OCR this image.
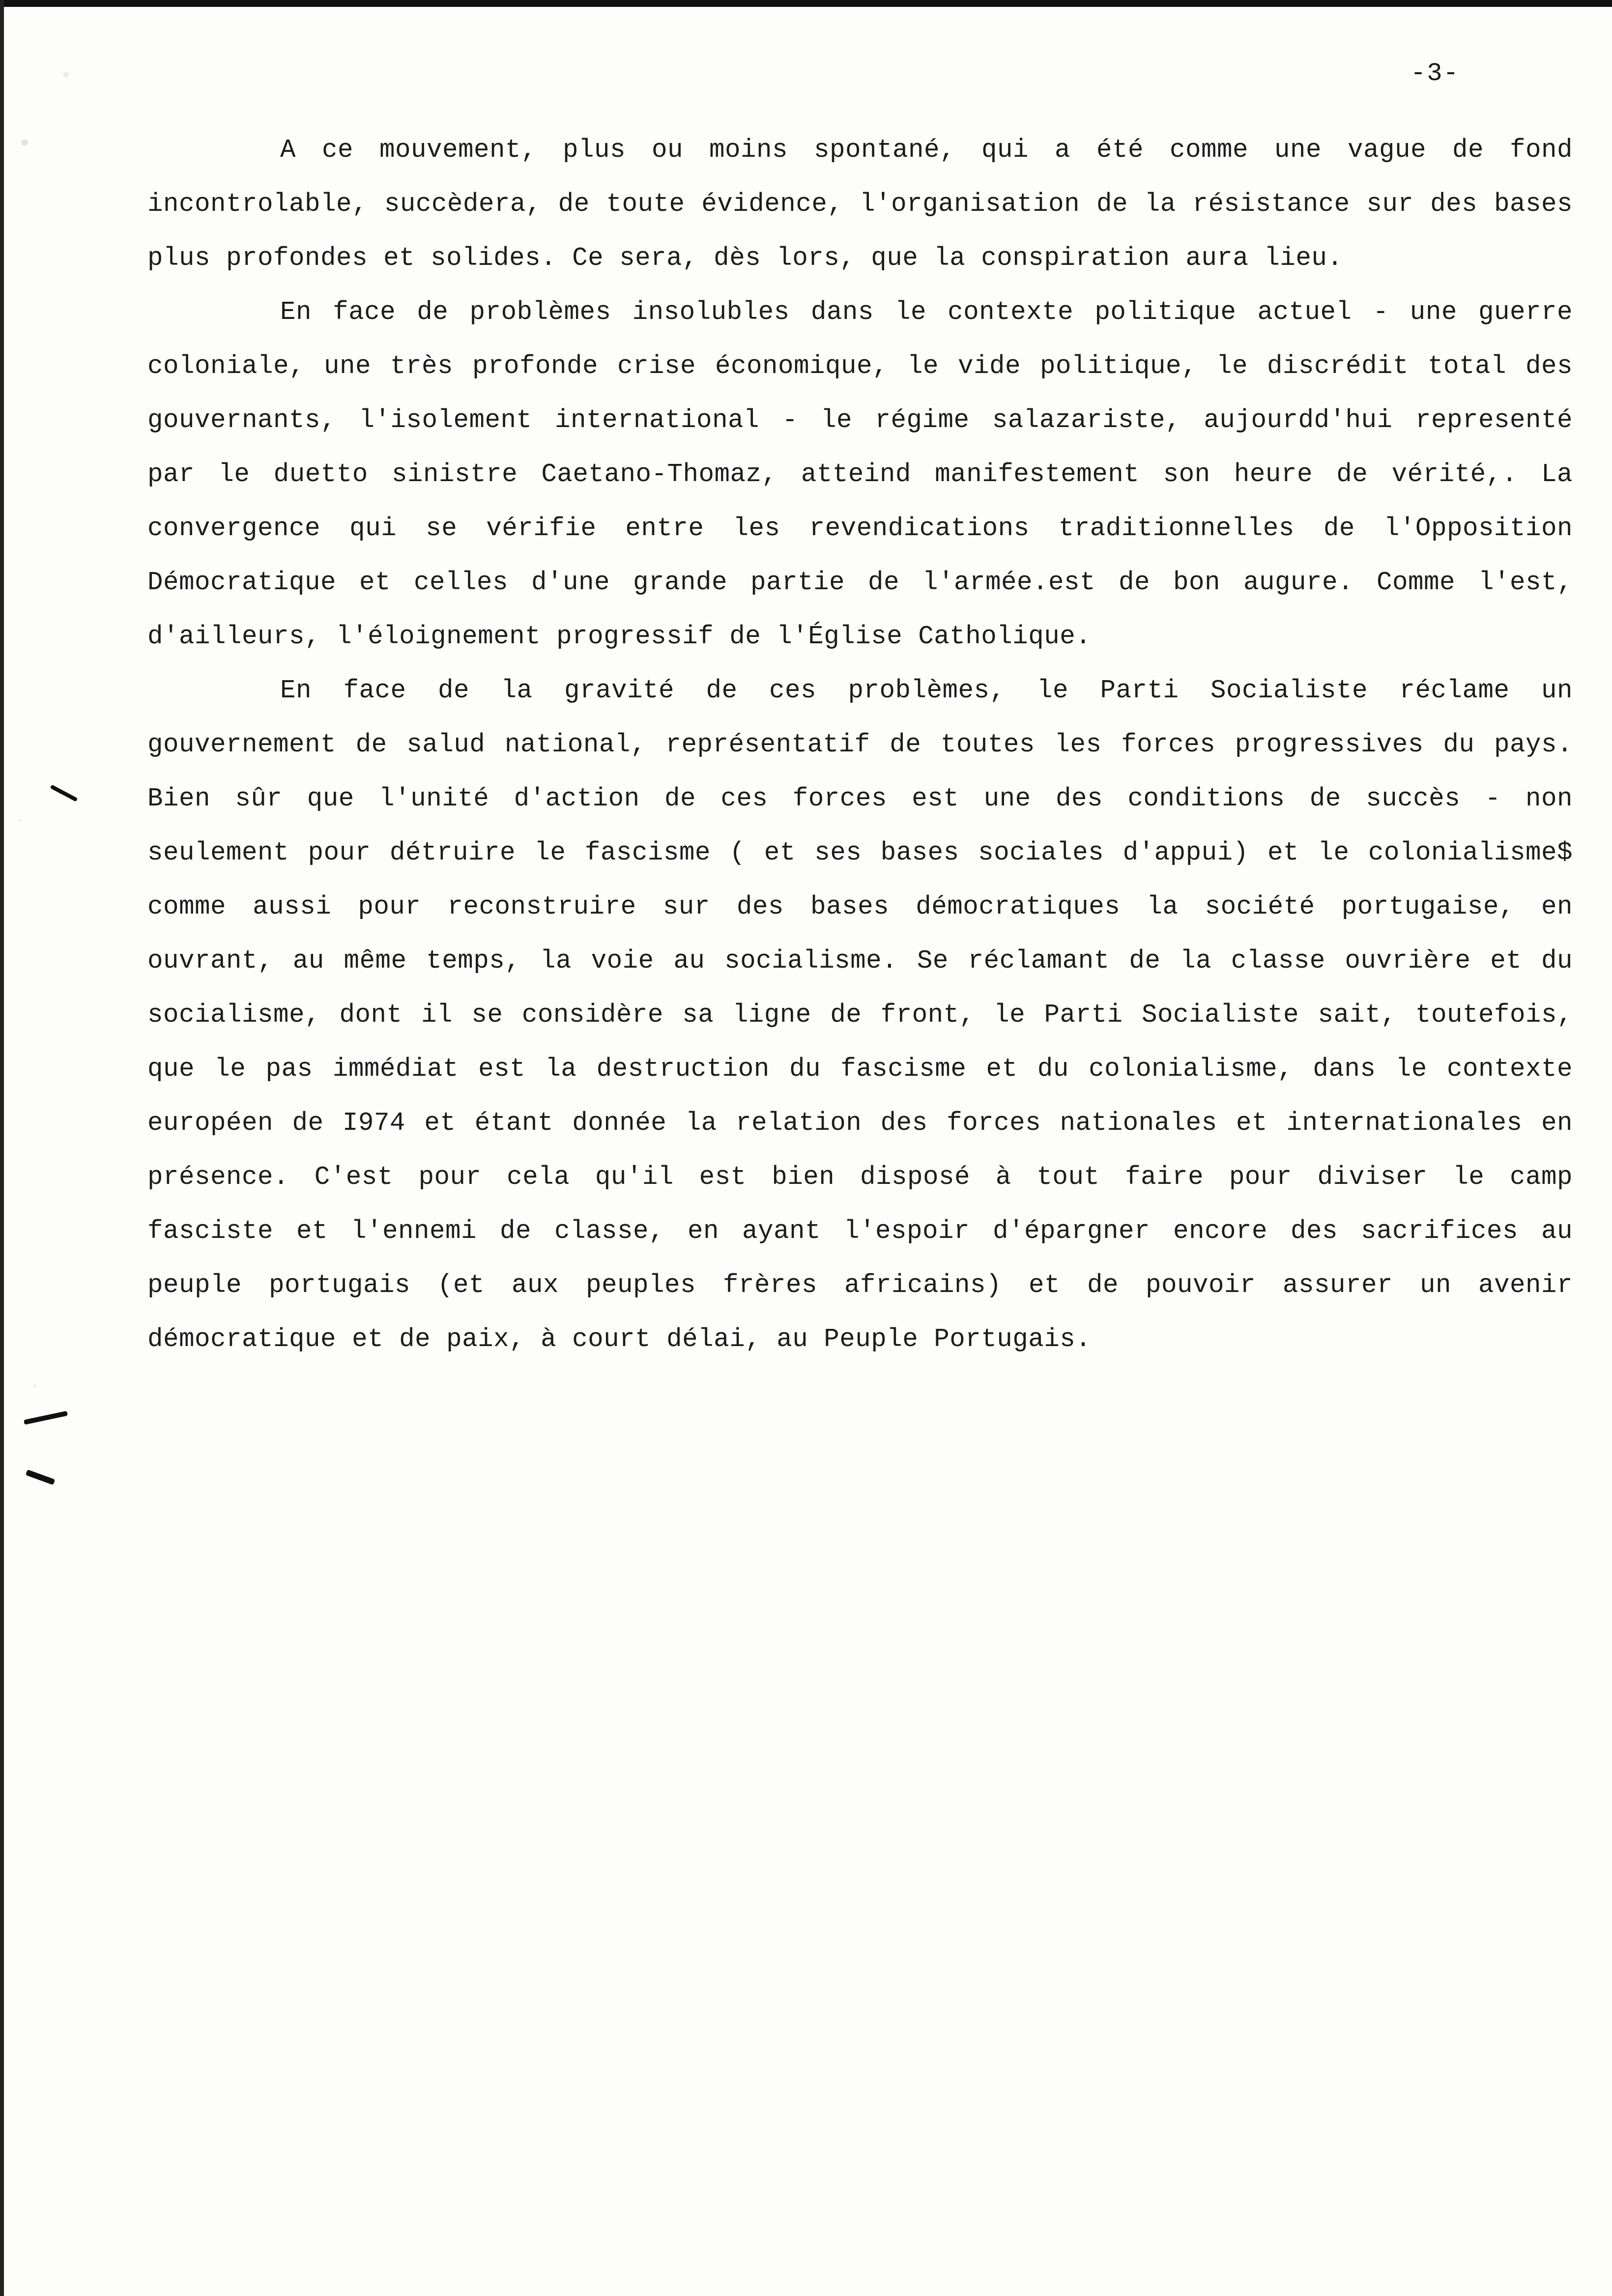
-3-

A ce mouvement, plus ou moins spontané, qui a été comme une vague de fond incontrolable, succèdera, de toute évidence, l'organisation de la résistance sur des bases plus profondes et solides. Ce sera, dès lors, que la conspiration aura lieu.

En face de problèmes insolubles dans le contexte politique actuel - une guerre coloniale, une très profonde crise économique, le vide politique, le discrédit total des gouvernants, l'isolement international - le régime salazariste, aujourdd'hui representé par le duetto sinistre Caetano-Thomaz, atteind manifestement son heure de vérité,. La convergence qui se vérifie entre les revendications traditionnelles de l'Opposition Démocratique et celles d'une grande partie de l'armée.est de bon augure. Comme l'est, d'ailleurs, l'éloignement progressif de l'Église Catholique.

En face de la gravité de ces problèmes, le Parti Socialiste réclame un gouvernement de salud national, représentatif de toutes les forces progressives du pays. Bien sûr que l'unité d'action de ces forces est une des conditions de succès - non seulement pour détruire le fascisme ( et ses bases sociales d'appui) et le colonialisme$ comme aussi pour reconstruire sur des bases démocratiques la société portugaise, en ouvrant, au même temps, la voie au socialisme. Se réclamant de la classe ouvrière et du socialisme, dont il se considère sa ligne de front, le Parti Socialiste sait, toutefois, que le pas immédiat est la destruction du fascisme et du colonialisme, dans le contexte européen de I974 et étant donnée la relation des forces nationales et internationales en présence. C'est pour cela qu'il est bien disposé à tout faire pour diviser le camp fasciste et l'ennemi de classe, en ayant l'espoir d'épargner encore des sacrifices au peuple portugais (et aux peuples frères africains) et de pouvoir assurer un avenir démocratique et de paix, à court délai, au Peuple Portugais.
